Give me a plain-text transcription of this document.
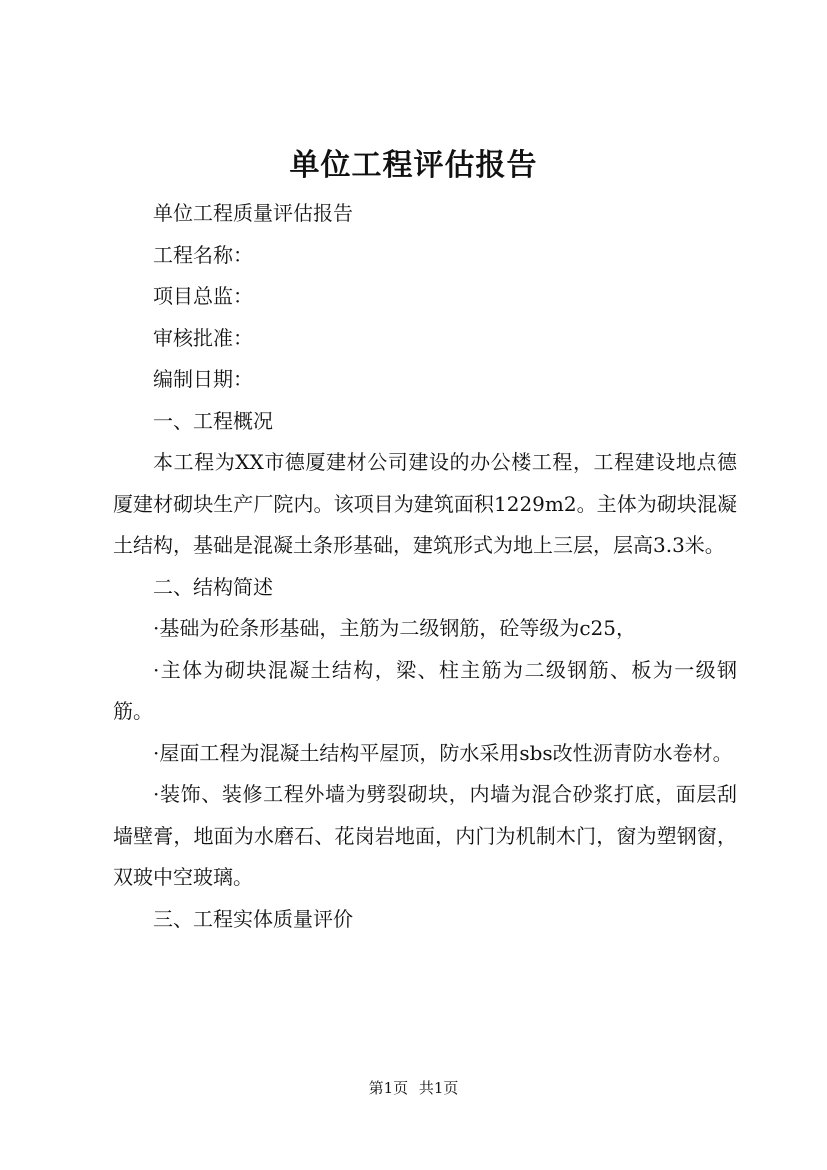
单位工程评估报告

单位工程质量评估报告

工程名称：

项目总监：

审核批准：

编制日期：

一、工程概况

本工程为XX市德厦建材公司建设的办公楼工程，工程建设地点德厦建材砌块生产厂院内。该项目为建筑面积1229m2。主体为砌块混凝土结构，基础是混凝土条形基础，建筑形式为地上三层，层高3.3米。

二、结构简述

·基础为砼条形基础，主筋为二级钢筋，砼等级为c25，

·主体为砌块混凝土结构，梁、柱主筋为二级钢筋、板为一级钢筋。

·屋面工程为混凝土结构平屋顶，防水采用sbs改性沥青防水卷材。

·装饰、装修工程外墙为劈裂砌块，内墙为混合砂浆打底，面层刮墙壁膏，地面为水磨石、花岗岩地面，内门为机制木门，窗为塑钢窗，双玻中空玻璃。

三、工程实体质量评价

第1页 共1页
